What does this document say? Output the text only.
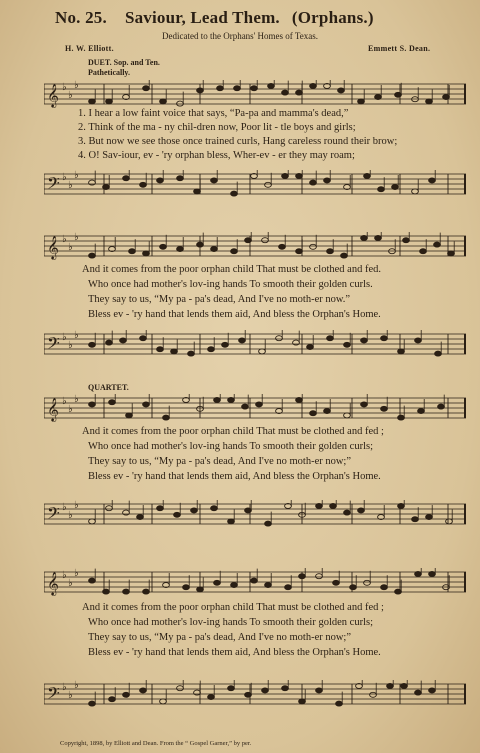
No. 25. Saviour, Lead Them. (Orphans.)
Dedicated to the Orphans' Homes of Texas.
H. W. Elliott.	Emmett S. Dean.
DUET. Sop. and Ten.
Pathetically.
𝄞 ♭
♭
♭
1. I hear a low faint voice that says, “Pa-pa and mamma's dead,”
2. Think of the ma - ny chil-dren now, Poor lit - tle boys and girls;
3. But now we see those once trained curls, Hang careless round their brow;
4. O! Sav-iour, ev - 'ry orphan bless, Wher-ev - er they may roam;
𝄢 ♭
♭
♭
𝄞 ♭
♭
♭
And it comes from the poor orphan child That must be clothed and fed.
Who once had mother's lov-ing hands To smooth their golden curls.
They say to us, “My pa - pa's dead, And I've no moth-er now.”
Bless ev - 'ry hand that lends them aid, And bless the Orphan's Home.
𝄢 ♭
♭
♭
QUARTET.
𝄞 ♭
♭
♭
And it comes from the poor orphan child That must be clothed and fed ;
Who once had mother's lov-ing hands To smooth their golden curls;
They say to us, “My pa - pa's dead, And I've no moth-er now;”
Bless ev - 'ry hand that lends them aid, And bless the Orphan's Home.
𝄢 ♭
♭
♭
𝄞 ♭
♭
♭
And it comes from the poor orphan child That must be clothed and fed ;
Who once had mother's lov-ing hands To smooth their golden curls;
They say to us, “My pa - pa's dead, And I've no moth-er now;”
Bless ev - 'ry hand that lends them aid, And bless the Orphan's Home.
𝄢 ♭
♭
♭
Copyright, 1898, by Elliott and Dean. From the “ Gospel Garner,” by per.
